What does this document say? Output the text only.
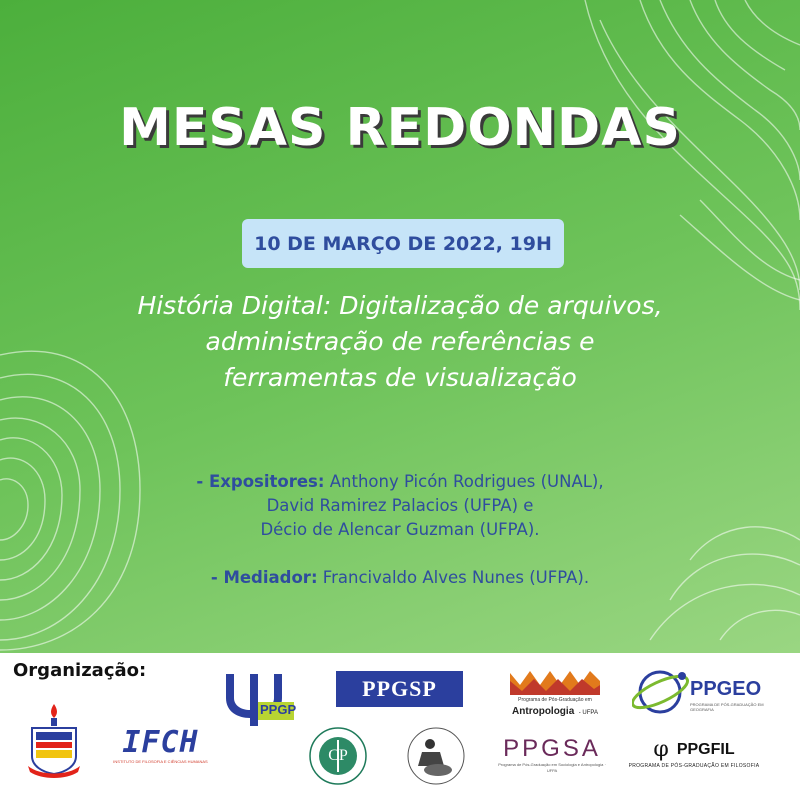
MESAS REDONDAS
10 DE MARÇO DE 2022, 19H
História Digital: Digitalização de arquivos,
administração de referências e
ferramentas de visualização
- Expositores: Anthony Picón Rodrigues (UNAL),
David Ramirez Palacios (UFPA) e
Décio de Alencar Guzman (UFPA).
- Mediador: Francivaldo Alves Nunes (UFPA).
Organização:
IFCH
INSTITUTO DE FILOSOFIA E CIÊNCIAS HUMANAS
PPGP
PPGSP
CP
Programa de Pós-Graduação em
Antropologia - UFPA
PPGSA
Programa de Pós-Graduação em Sociologia e Antropologia · UFPA
PPGEO
PROGRAMA DE PÓS-GRADUAÇÃO EM GEOGRAFIA
φ PPGFIL
PROGRAMA DE PÓS-GRADUAÇÃO EM FILOSOFIA
